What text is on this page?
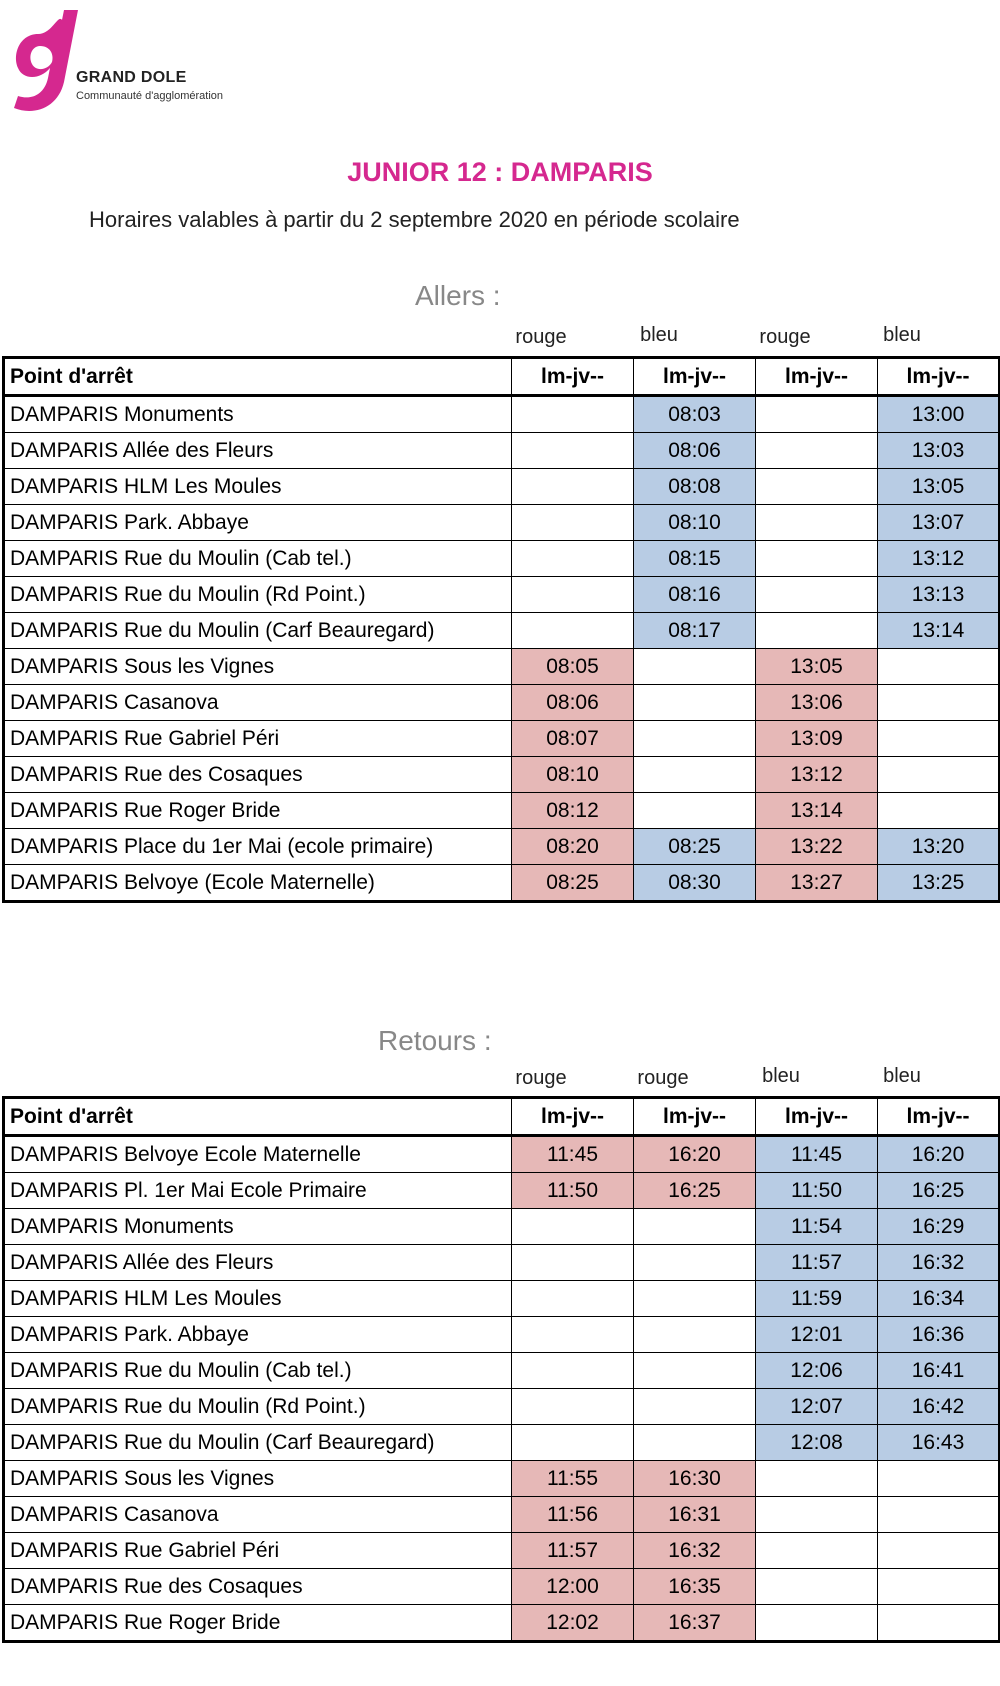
GRAND DOLE
Communauté d'agglomération
JUNIOR 12 : DAMPARIS
Horaires valables à partir du 2 septembre 2020 en période scolaire
Allers :
rouge	bleu	rouge	bleu
Point d'arrêt	lm-jv--	lm-jv--	lm-jv--	lm-jv--
DAMPARIS Monuments		08:03		13:00
DAMPARIS Allée des Fleurs		08:06		13:03
DAMPARIS HLM Les Moules		08:08		13:05
DAMPARIS Park. Abbaye		08:10		13:07
DAMPARIS Rue du Moulin (Cab tel.)		08:15		13:12
DAMPARIS Rue du Moulin (Rd Point.)		08:16		13:13
DAMPARIS Rue du Moulin (Carf Beauregard)		08:17		13:14
DAMPARIS Sous les Vignes	08:05		13:05	
DAMPARIS Casanova	08:06		13:06	
DAMPARIS Rue Gabriel Péri	08:07		13:09	
DAMPARIS Rue des Cosaques	08:10		13:12	
DAMPARIS Rue Roger Bride	08:12		13:14	
DAMPARIS Place du 1er Mai (ecole primaire)	08:20	08:25	13:22	13:20
DAMPARIS Belvoye (Ecole Maternelle)	08:25	08:30	13:27	13:25
Retours :
rouge	rouge	bleu	bleu
Point d'arrêt	lm-jv--	lm-jv--	lm-jv--	lm-jv--
DAMPARIS Belvoye Ecole Maternelle	11:45	16:20	11:45	16:20
DAMPARIS Pl. 1er Mai Ecole Primaire	11:50	16:25	11:50	16:25
DAMPARIS Monuments			11:54	16:29
DAMPARIS Allée des Fleurs			11:57	16:32
DAMPARIS HLM Les Moules			11:59	16:34
DAMPARIS Park. Abbaye			12:01	16:36
DAMPARIS Rue du Moulin (Cab tel.)			12:06	16:41
DAMPARIS Rue du Moulin (Rd Point.)			12:07	16:42
DAMPARIS Rue du Moulin (Carf Beauregard)			12:08	16:43
DAMPARIS Sous les Vignes	11:55	16:30		
DAMPARIS Casanova	11:56	16:31		
DAMPARIS Rue Gabriel Péri	11:57	16:32		
DAMPARIS Rue des Cosaques	12:00	16:35		
DAMPARIS Rue Roger Bride	12:02	16:37		
